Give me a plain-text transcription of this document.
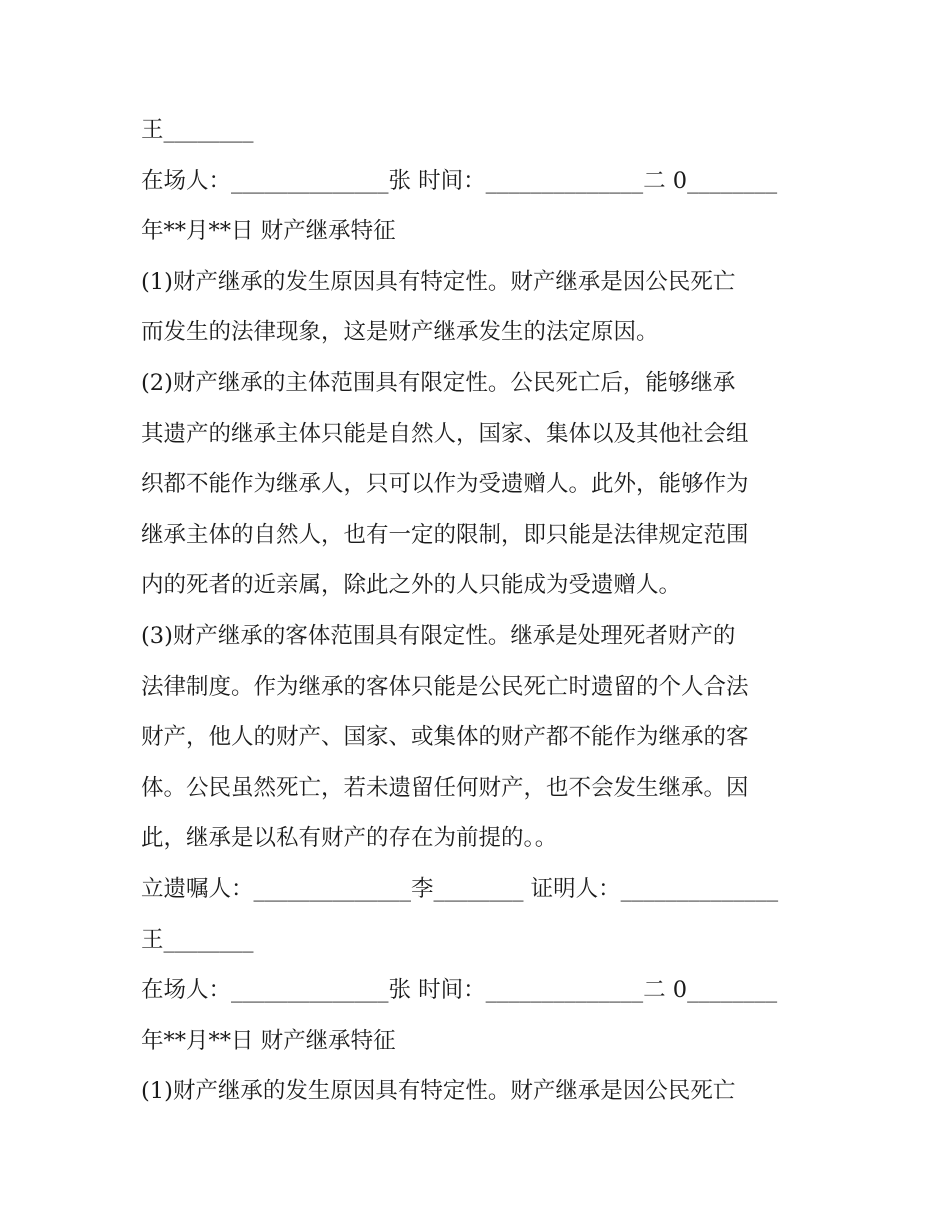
王________
在场人：______________张 时间：______________二 0________
年**月**日 财产继承特征
(1)财产继承的发生原因具有特定性。财产继承是因公民死亡
而发生的法律现象，这是财产继承发生的法定原因。
(2)财产继承的主体范围具有限定性。公民死亡后，能够继承
其遗产的继承主体只能是自然人，国家、集体以及其他社会组
织都不能作为继承人，只可以作为受遗赠人。此外，能够作为
继承主体的自然人，也有一定的限制，即只能是法律规定范围
内的死者的近亲属，除此之外的人只能成为受遗赠人。
(3)财产继承的客体范围具有限定性。继承是处理死者财产的
法律制度。作为继承的客体只能是公民死亡时遗留的个人合法
财产，他人的财产、国家、或集体的财产都不能作为继承的客
体。公民虽然死亡，若未遗留任何财产，也不会发生继承。因
此，继承是以私有财产的存在为前提的。。
立遗嘱人：______________李________ 证明人：______________
王________
在场人：______________张 时间：______________二 0________
年**月**日 财产继承特征
(1)财产继承的发生原因具有特定性。财产继承是因公民死亡
